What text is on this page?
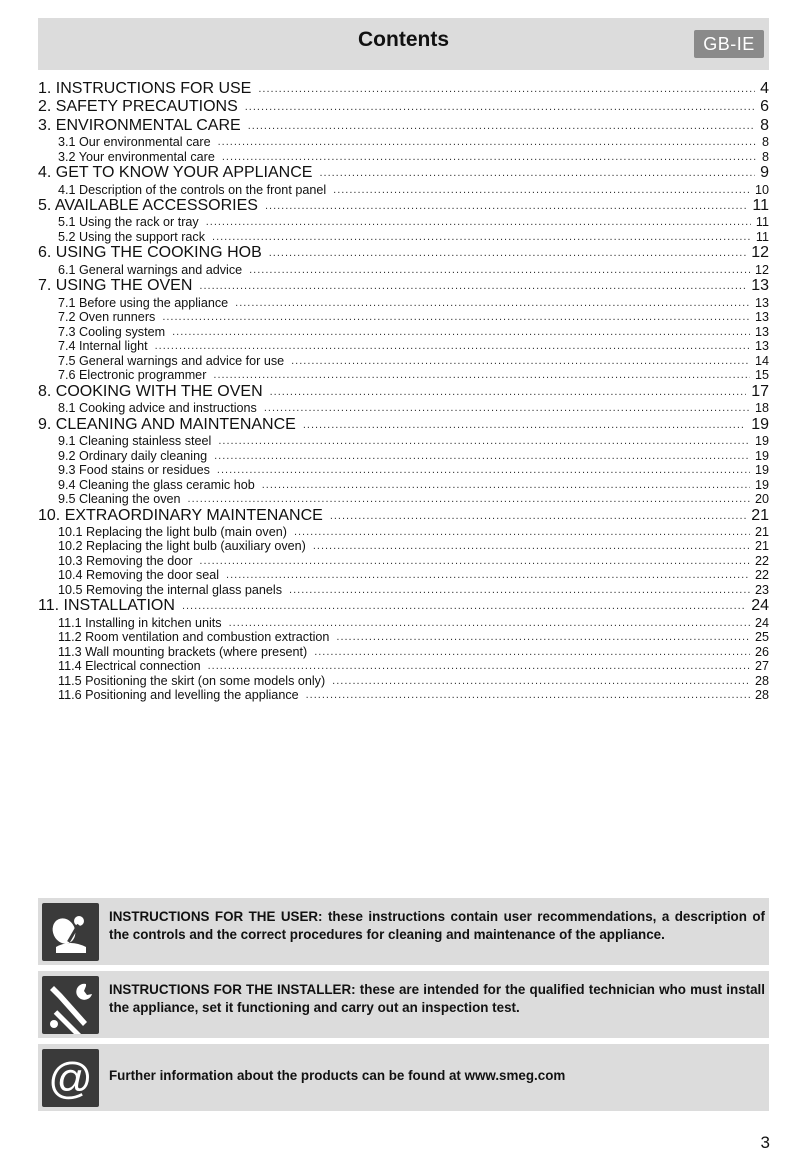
Contents	GB-IE
1. INSTRUCTIONS FOR USE .....	4
2. SAFETY PRECAUTIONS .....	6
3. ENVIRONMENTAL CARE .....	8
3.1 Our environmental care .....	8
3.2 Your environmental care .....	8
4. GET TO KNOW YOUR APPLIANCE .....	9
4.1 Description of the controls on the front panel .....	10
5. AVAILABLE ACCESSORIES .....	11
5.1 Using the rack or tray .....	11
5.2 Using the support rack .....	11
6. USING THE COOKING HOB .....	12
6.1 General warnings and advice .....	12
7. USING THE OVEN .....	13
7.1 Before using the appliance .....	13
7.2 Oven runners .....	13
7.3 Cooling system .....	13
7.4 Internal light .....	13
7.5 General warnings and advice for use .....	14
7.6 Electronic programmer .....	15
8. COOKING WITH THE OVEN .....	17
8.1 Cooking advice and instructions .....	18
9. CLEANING AND MAINTENANCE .....	19
9.1 Cleaning stainless steel .....	19
9.2 Ordinary daily cleaning .....	19
9.3 Food stains or residues .....	19
9.4 Cleaning the glass ceramic hob .....	19
9.5 Cleaning the oven .....	20
10. EXTRAORDINARY MAINTENANCE .....	21
10.1 Replacing the light bulb (main oven) .....	21
10.2 Replacing the light bulb (auxiliary oven) .....	21
10.3 Removing the door .....	22
10.4 Removing the door seal .....	22
10.5 Removing the internal glass panels .....	23
11. INSTALLATION .....	24
11.1 Installing in kitchen units .....	24
11.2 Room ventilation and combustion extraction .....	25
11.3 Wall mounting brackets (where present) .....	26
11.4 Electrical connection .....	27
11.5 Positioning the skirt (on some models only) .....	28
11.6 Positioning and levelling the appliance .....	28
INSTRUCTIONS FOR THE USER: these instructions contain user recommendations, a description of the controls and the correct procedures for cleaning and maintenance of the appliance.
INSTRUCTIONS FOR THE INSTALLER: these are intended for the qualified technician who must install the appliance, set it functioning and carry out an inspection test.
@ Further information about the products can be found at www.smeg.com
3
